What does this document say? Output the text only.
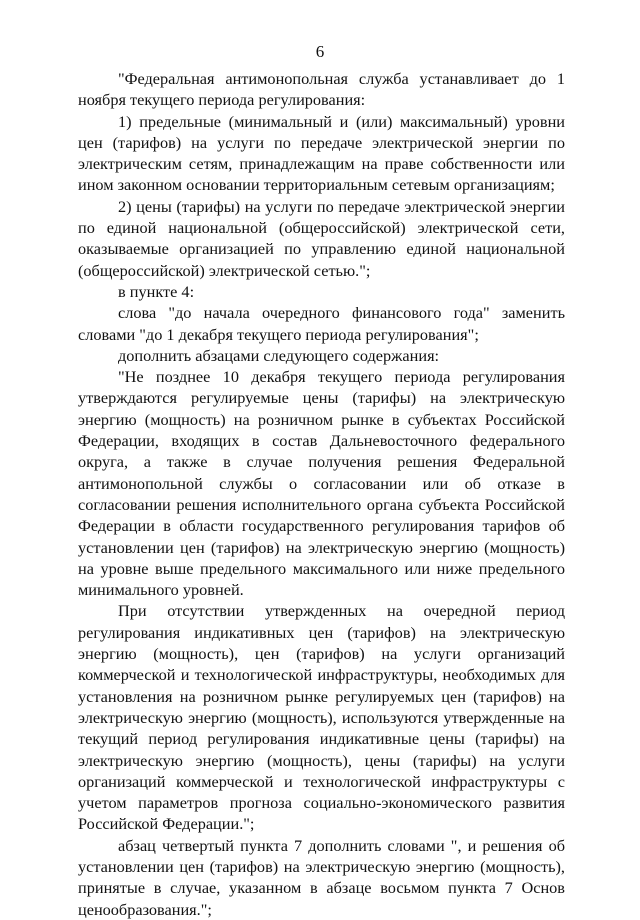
6

"Федеральная антимонопольная служба устанавливает до 1 ноября текущего периода регулирования:

1) предельные (минимальный и (или) максимальный) уровни цен (тарифов) на услуги по передаче электрической энергии по электрическим сетям, принадлежащим на праве собственности или ином законном основании территориальным сетевым организациям;

2) цены (тарифы) на услуги по передаче электрической энергии по единой национальной (общероссийской) электрической сети, оказываемые организацией по управлению единой национальной (общероссийской) электрической сетью.";

в пункте 4:

слова "до начала очередного финансового года" заменить словами "до 1 декабря текущего периода регулирования";

дополнить абзацами следующего содержания:

"Не позднее 10 декабря текущего периода регулирования утверждаются регулируемые цены (тарифы) на электрическую энергию (мощность) на розничном рынке в субъектах Российской Федерации, входящих в состав Дальневосточного федерального округа, а также в случае получения решения Федеральной антимонопольной службы о согласовании или об отказе в согласовании решения исполнительного органа субъекта Российской Федерации в области государственного регулирования тарифов об установлении цен (тарифов) на электрическую энергию (мощность) на уровне выше предельного максимального или ниже предельного минимального уровней.

При отсутствии утвержденных на очередной период регулирования индикативных цен (тарифов) на электрическую энергию (мощность), цен (тарифов) на услуги организаций коммерческой и технологической инфраструктуры, необходимых для установления на розничном рынке регулируемых цен (тарифов) на электрическую энергию (мощность), используются утвержденные на текущий период регулирования индикативные цены (тарифы) на электрическую энергию (мощность), цены (тарифы) на услуги организаций коммерческой и технологической инфраструктуры с учетом параметров прогноза социально-экономического развития Российской Федерации.";

абзац четвертый пункта 7 дополнить словами ", и решения об установлении цен (тарифов) на электрическую энергию (мощность), принятые в случае, указанном в абзаце восьмом пункта 7 Основ ценообразования.";
